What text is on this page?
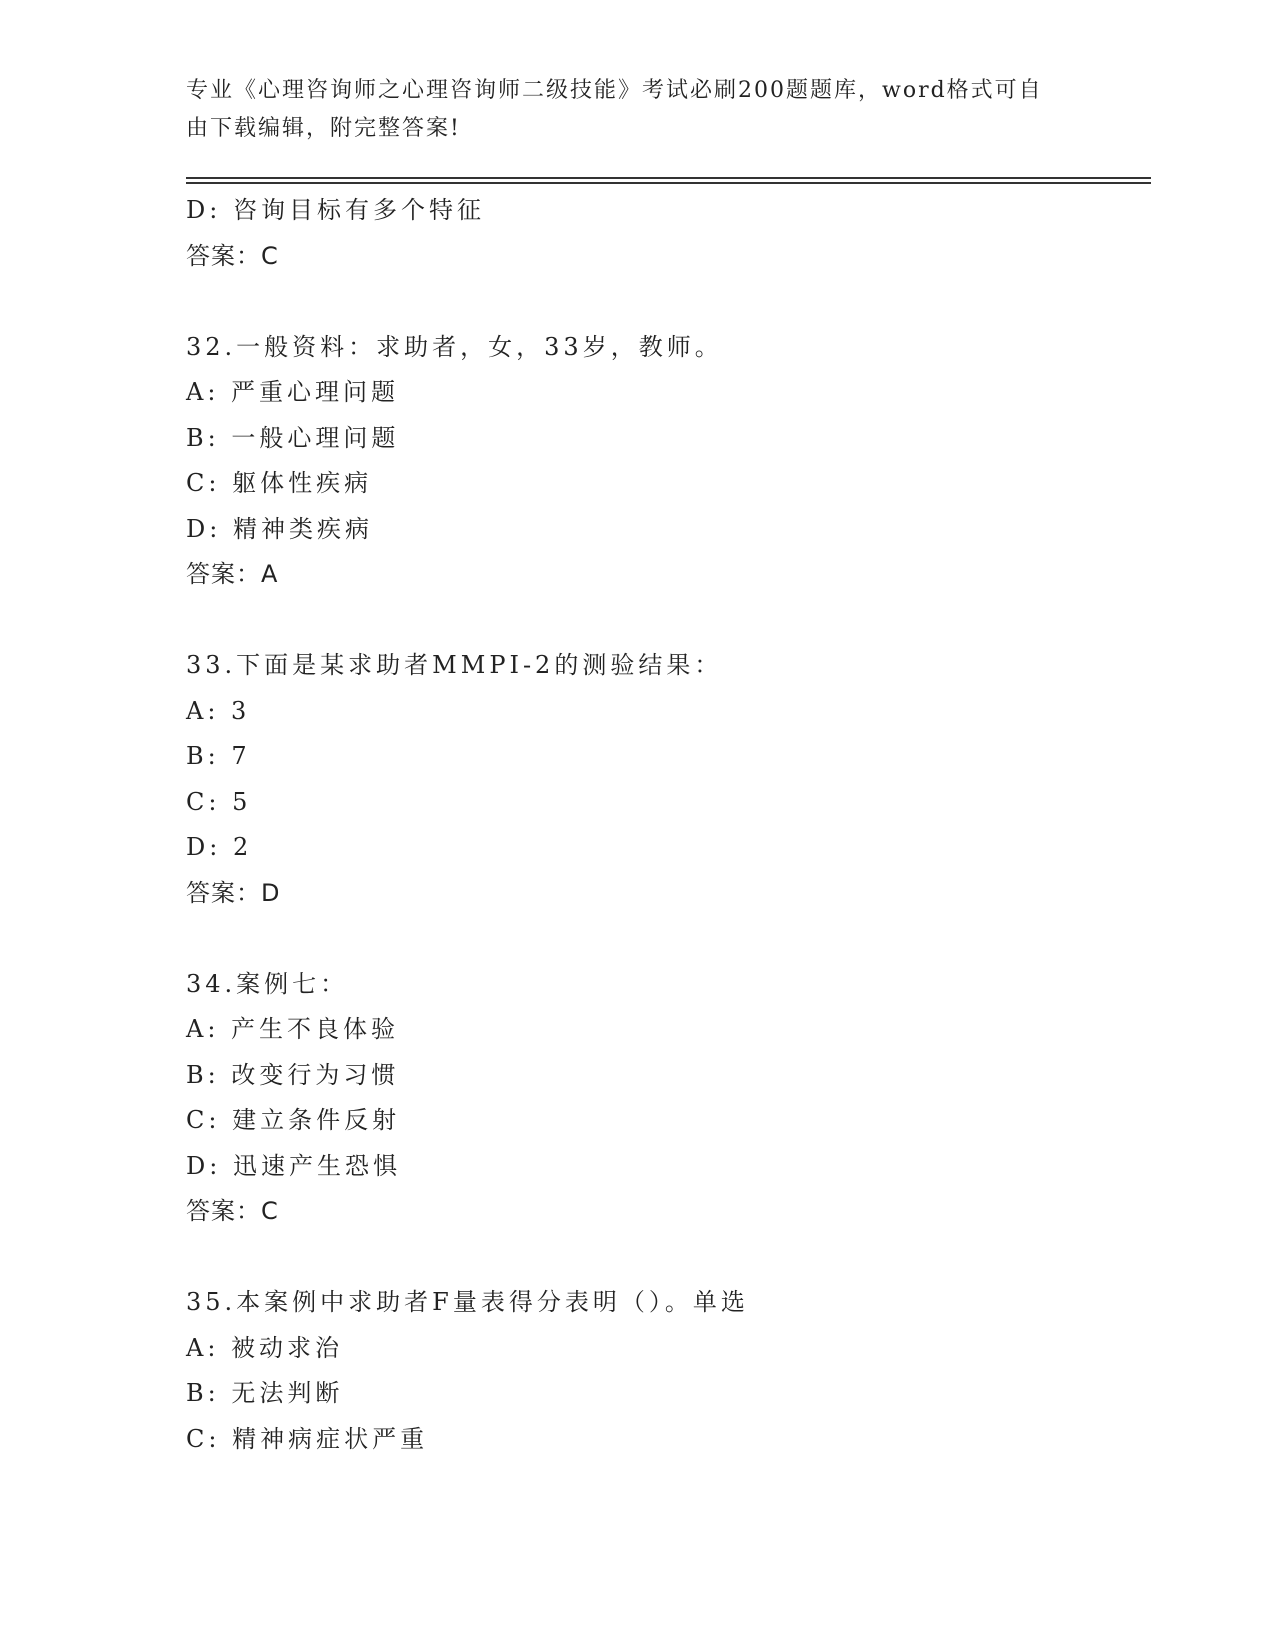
专业《心理咨询师之心理咨询师二级技能》考试必刷200题题库，word格式可自
由下载编辑，附完整答案!
D: 咨询目标有多个特征
答案：C
32.一般资料：求助者，女，33岁，教师。
A: 严重心理问题
B: 一般心理问题
C: 躯体性疾病
D: 精神类疾病
答案：A
33.下面是某求助者MMPI-2的测验结果：
A: 3
B: 7
C: 5
D: 2
答案：D
34.案例七：
A: 产生不良体验
B: 改变行为习惯
C: 建立条件反射
D: 迅速产生恐惧
答案：C
35.本案例中求助者F量表得分表明（）。单选
A: 被动求治
B: 无法判断
C: 精神病症状严重
